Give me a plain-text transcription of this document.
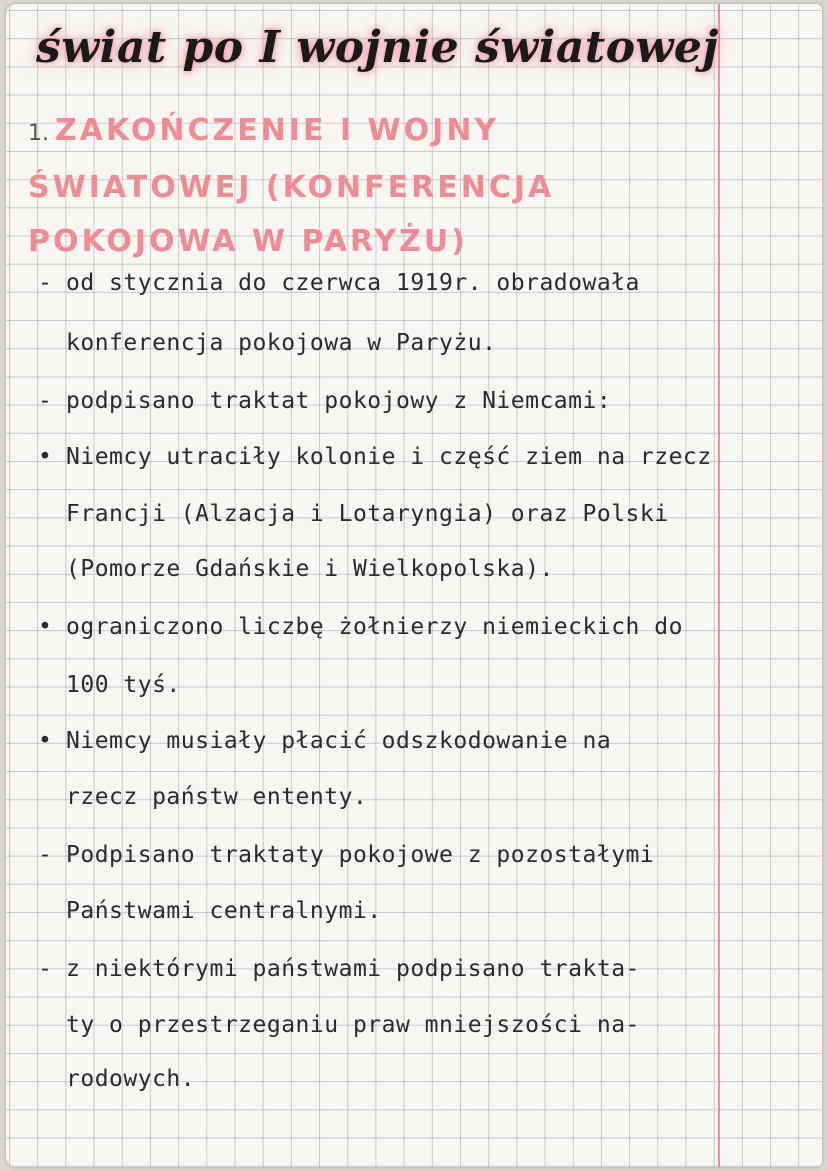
świat po I wojnie światowej
1. ZAKOŃCZENIE I WOJNY ŚWIATOWEJ (KONFERENCJA POKOJOWA W PARYŻU)
- od stycznia do czerwca 1919r. obradowała
konferencja pokojowa w Paryżu.
- podpisano traktat pokojowy z Niemcami:
• Niemcy utraciły kolonie i część ziem na rzecz
Francji (Alzacja i Lotaryngia) oraz Polski
(Pomorze Gdańskie i Wielkopolska).
• ograniczono liczbę żołnierzy niemieckich do
100 tyś.
• Niemcy musiały płacić odszkodowanie na
rzecz państw ententy.
- Podpisano traktaty pokojowe z pozostałymi
Państwami centralnymi.
- z niektórymi państwami podpisano trakta-
ty o przestrzeganiu praw mniejszości na-
rodowych.
